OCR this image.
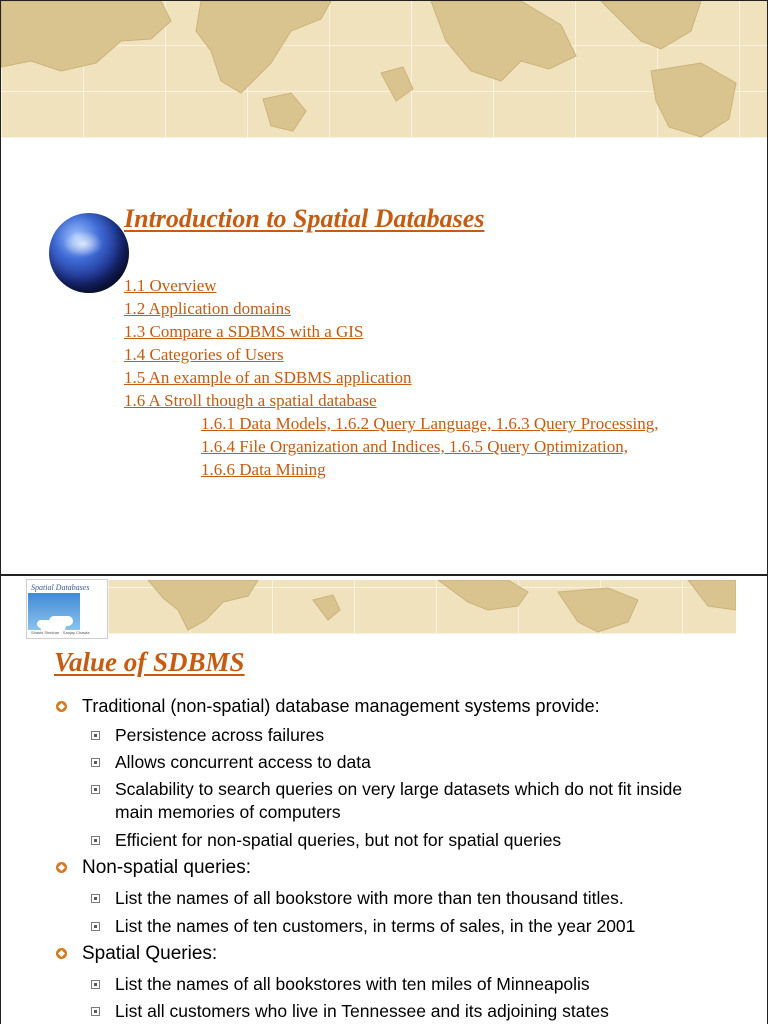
Introduction to Spatial Databases
1.1 Overview
1.2 Application domains
1.3 Compare a SDBMS with a GIS
1.4 Categories of Users
1.5 An example of an SDBMS application
1.6 A Stroll though a spatial database
1.6.1 Data Models, 1.6.2 Query Language, 1.6.3 Query Processing,
1.6.4 File Organization and Indices, 1.6.5 Query Optimization,
1.6.6 Data Mining
Spatial Databases
Shashi Shekhar · Sanjay Chawla
Value of SDBMS

Traditional (non-spatial) database management systems provide:

Persistence across failures

Allows concurrent access to data

Scalability to search queries on very large datasets which do not fit inside main memories of computers

Efficient for non-spatial queries, but not for spatial queries

Non-spatial queries:

List the names of all bookstore with more than ten thousand titles.

List the names of ten customers, in terms of sales, in the year 2001

Spatial Queries:

List the names of all bookstores with ten miles of Minneapolis

List all customers who live in Tennessee and its adjoining states
